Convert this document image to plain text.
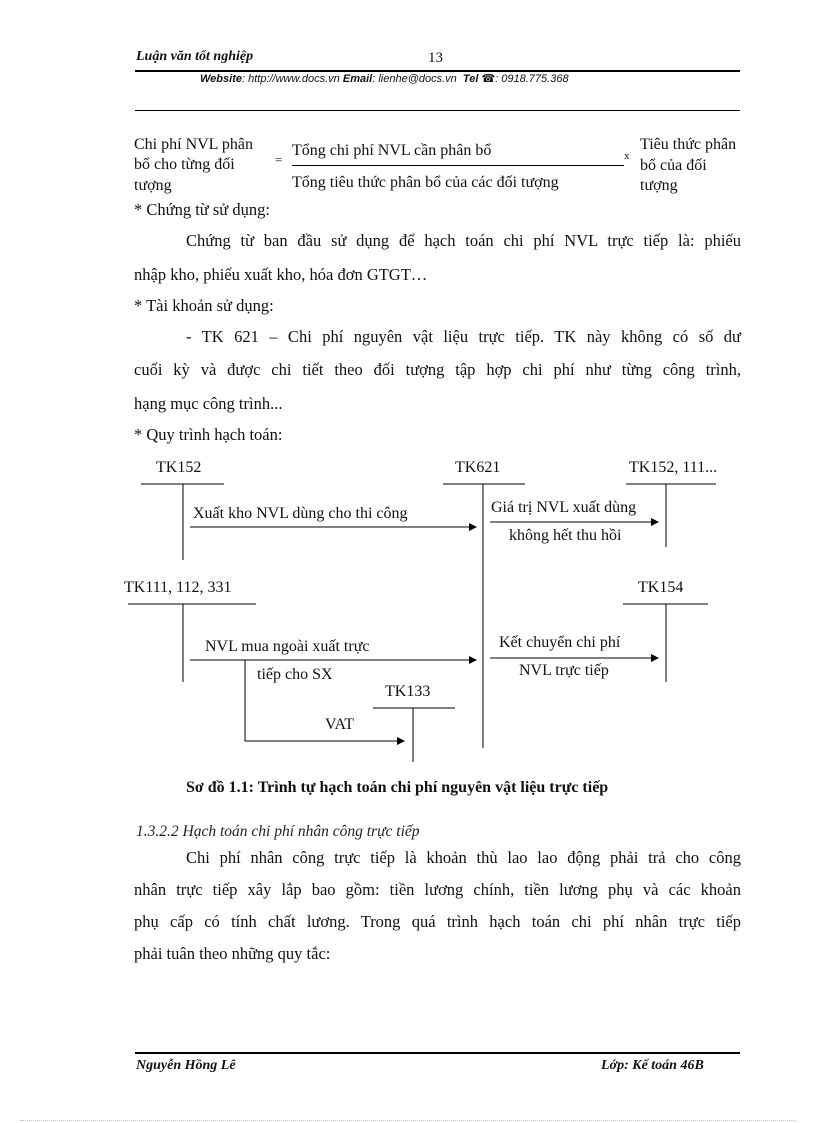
Luận văn tốt nghiệp	13
Website: http://www.docs.vn Email: lienhe@docs.vn Tel ☎: 0918.775.368
Chi phí NVL phân
bổ cho từng đối
tượng
=
Tổng chi phí NVL cần phân bổ
Tổng tiêu thức phân bổ của các đối tượng
x
Tiêu thức phân
bổ của đối
tượng
* Chứng từ sử dụng:
Chứng từ ban đầu sử dụng để hạch toán chi phí NVL trực tiếp là: phiếu
nhập kho, phiếu xuất kho, hóa đơn GTGT…
* Tài khoản sử dụng:
- TK 621 – Chi phí nguyên vật liệu trực tiếp. TK này không có số dư
cuối kỳ và được chi tiết theo đối tượng tập hợp chi phí như từng công trình,
hạng mục công trình...
* Quy trình hạch toán:
TK152	TK621	TK152, 111...
TK111, 112, 331	TK154
TK133
Xuất kho NVL dùng cho thi công	Giá trị NVL xuất dùng
không hết thu hồi
NVL mua ngoài xuất trực
tiếp cho SX
Kết chuyển chi phí
NVL trực tiếp
VAT
Sơ đồ 1.1: Trình tự hạch toán chi phí nguyên vật liệu trực tiếp
1.3.2.2 Hạch toán chi phí nhân công trực tiếp
Chi phí nhân công trực tiếp là khoản thù lao lao động phải trả cho công
nhân trực tiếp xây lắp bao gồm: tiền lương chính, tiền lương phụ và các khoản
phụ cấp có tính chất lương. Trong quá trình hạch toán chi phí nhân trực tiếp
phải tuân theo những quy tắc:
Nguyễn Hồng Lê	Lớp: Kế toán 46B
